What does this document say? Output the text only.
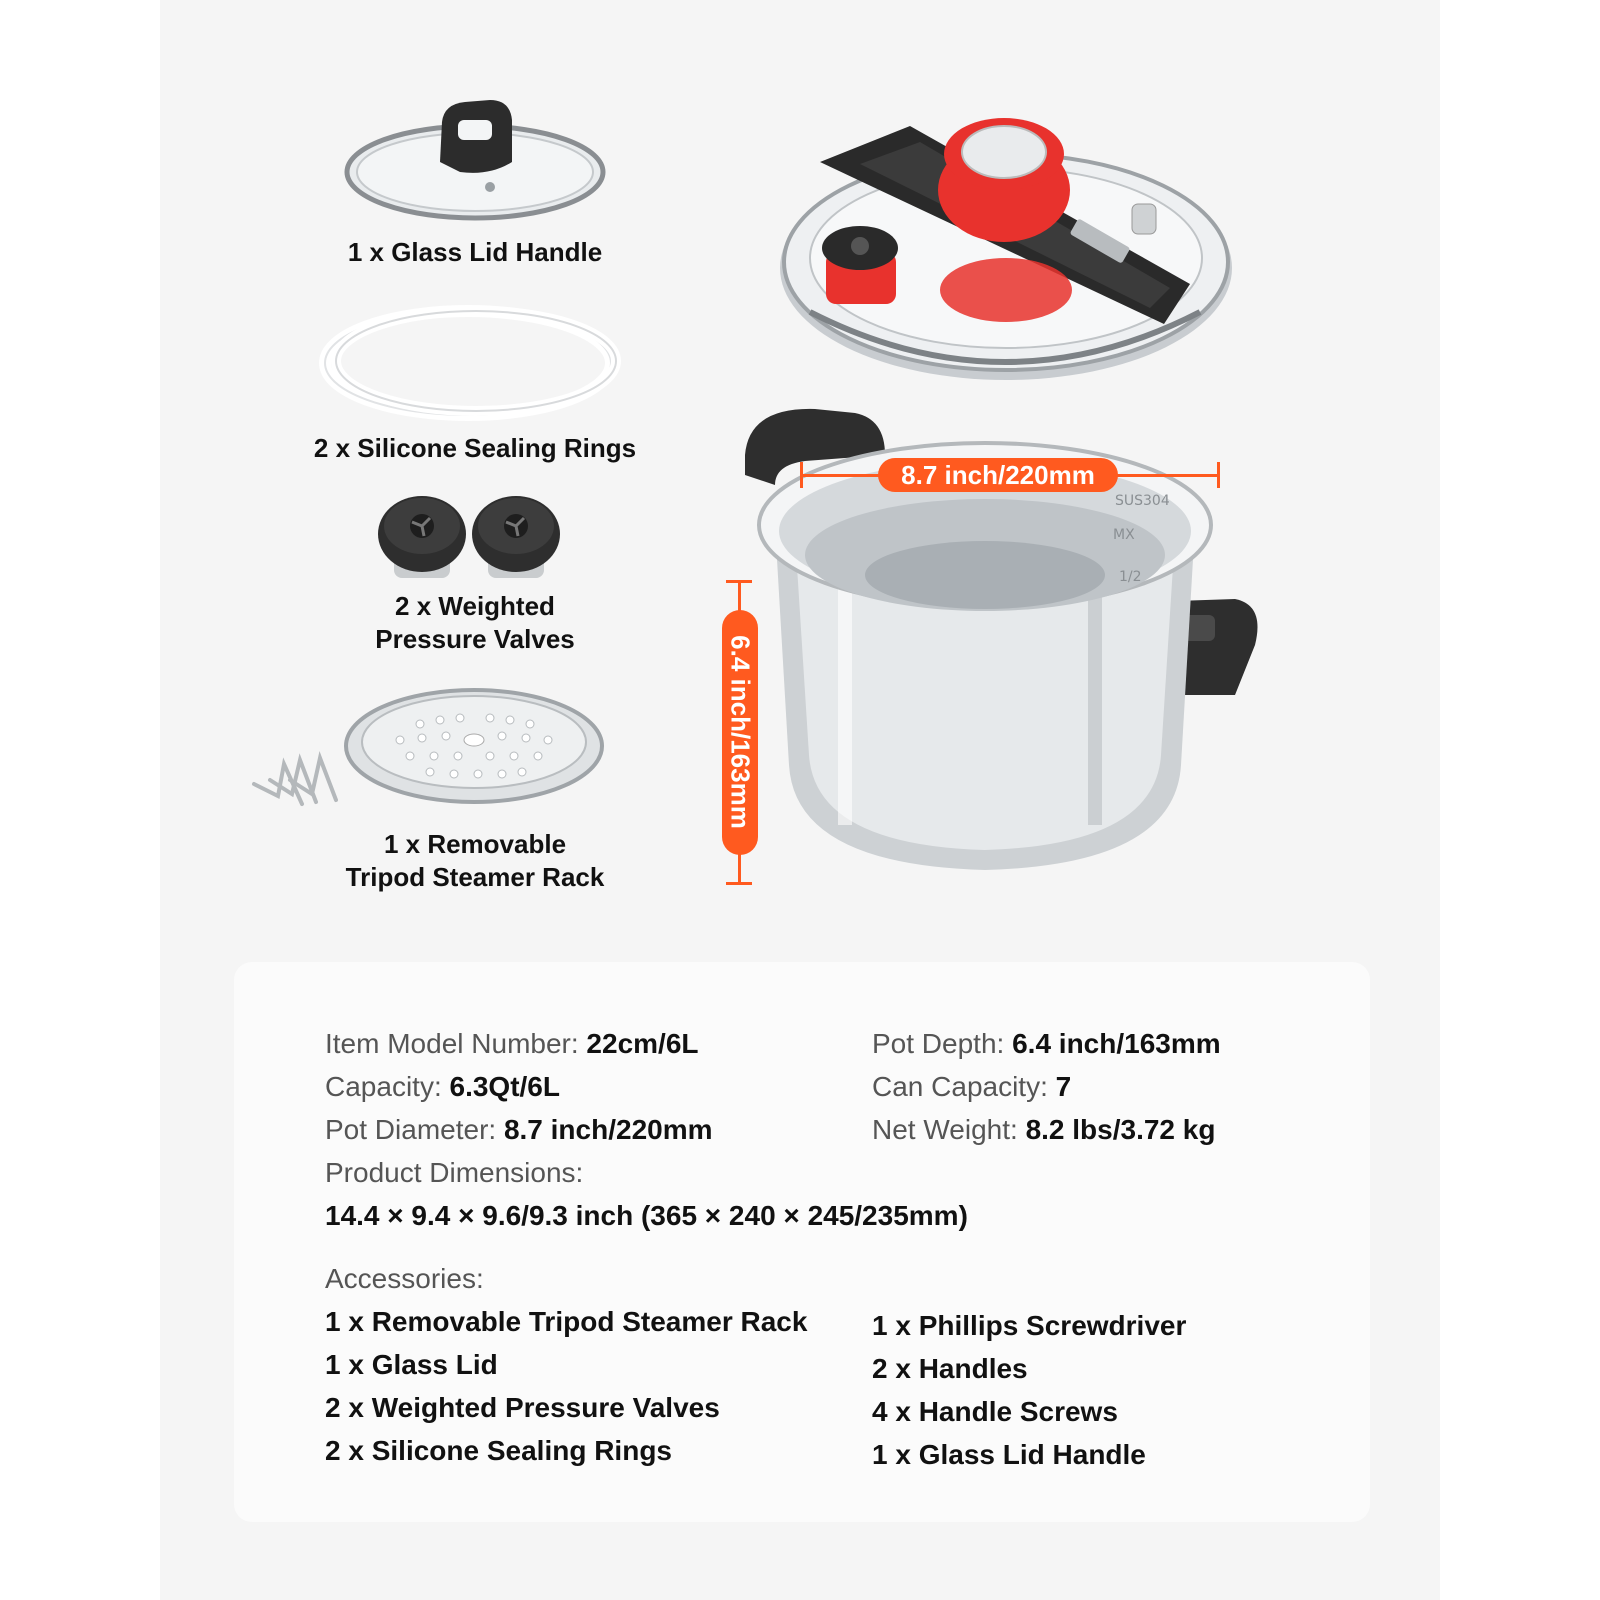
1 x Glass Lid Handle
2 x Silicone Sealing Rings
2 x Weighted
Pressure Valves
1 x Removable
Tripod Steamer Rack
SUS304
MX
1/2
8.7 inch/220mm
6.4 inch/163mm
Item Model Number: 22cm/6L
Capacity: 6.3Qt/6L
Pot Diameter: 8.7 inch/220mm
Pot Depth: 6.4 inch/163mm
Can Capacity: 7
Net Weight: 8.2 lbs/3.72 kg
Product Dimensions:
14.4 × 9.4 × 9.6/9.3 inch (365 × 240 × 245/235mm)
Accessories:
1 x Removable Tripod Steamer Rack
1 x Glass Lid
2 x Weighted Pressure Valves
2 x Silicone Sealing Rings
1 x Phillips Screwdriver
2 x Handles
4 x Handle Screws
1 x Glass Lid Handle
